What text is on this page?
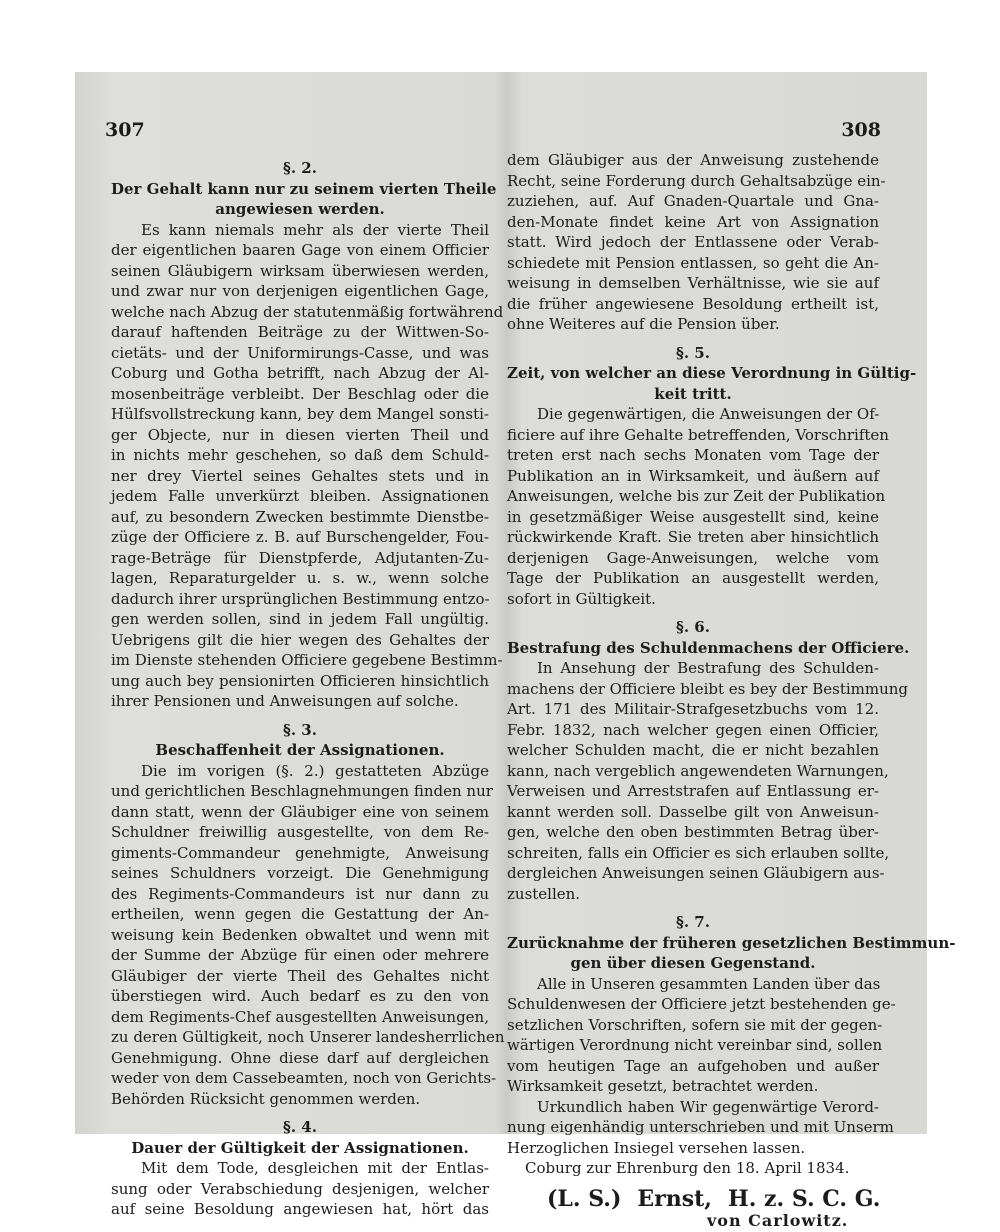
307	308
§. 2.
Der Gehalt kann nur zu seinem vierten Theile
angewiesen werden.
Es kann niemals mehr als der vierte Theil
der eigentlichen baaren Gage von einem Officier
seinen Gläubigern wirksam überwiesen werden,
und zwar nur von derjenigen eigentlichen Gage,
welche nach Abzug der statutenmäßig fortwährend
darauf haftenden Beiträge zu der Wittwen-So-
cietäts- und der Uniformirungs-Casse, und was
Coburg und Gotha betrifft, nach Abzug der Al-
mosenbeiträge verbleibt. Der Beschlag oder die
Hülfsvollstreckung kann, bey dem Mangel sonsti-
ger Objecte, nur in diesen vierten Theil und
in nichts mehr geschehen, so daß dem Schuld-
ner drey Viertel seines Gehaltes stets und in
jedem Falle unverkürzt bleiben. Assignationen
auf, zu besondern Zwecken bestimmte Dienstbe-
züge der Officiere z. B. auf Burschengelder, Fou-
rage-Beträge für Dienstpferde, Adjutanten-Zu-
lagen, Reparaturgelder u. s. w., wenn solche
dadurch ihrer ursprünglichen Bestimmung entzo-
gen werden sollen, sind in jedem Fall ungültig.
Uebrigens gilt die hier wegen des Gehaltes der
im Dienste stehenden Officiere gegebene Bestimm-
ung auch bey pensionirten Officieren hinsichtlich
ihrer Pensionen und Anweisungen auf solche.
§. 3.
Beschaffenheit der Assignationen.
Die im vorigen (§. 2.) gestatteten Abzüge
und gerichtlichen Beschlagnehmungen finden nur
dann statt, wenn der Gläubiger eine von seinem
Schuldner freiwillig ausgestellte, von dem Re-
giments-Commandeur genehmigte, Anweisung
seines Schuldners vorzeigt. Die Genehmigung
des Regiments-Commandeurs ist nur dann zu
ertheilen, wenn gegen die Gestattung der An-
weisung kein Bedenken obwaltet und wenn mit
der Summe der Abzüge für einen oder mehrere
Gläubiger der vierte Theil des Gehaltes nicht
überstiegen wird. Auch bedarf es zu den von
dem Regiments-Chef ausgestellten Anweisungen,
zu deren Gültigkeit, noch Unserer landesherrlichen
Genehmigung. Ohne diese darf auf dergleichen
weder von dem Cassebeamten, noch von Gerichts-
Behörden Rücksicht genommen werden.
§. 4.
Dauer der Gültigkeit der Assignationen.
Mit dem Tode, desgleichen mit der Entlas-
sung oder Verabschiedung desjenigen, welcher
auf seine Besoldung angewiesen hat, hört das
dem Gläubiger aus der Anweisung zustehende
Recht, seine Forderung durch Gehaltsabzüge ein-
zuziehen, auf. Auf Gnaden-Quartale und Gna-
den-Monate findet keine Art von Assignation
statt. Wird jedoch der Entlassene oder Verab-
schiedete mit Pension entlassen, so geht die An-
weisung in demselben Verhältnisse, wie sie auf
die früher angewiesene Besoldung ertheilt ist,
ohne Weiteres auf die Pension über.
§. 5.
Zeit, von welcher an diese Verordnung in Gültig-
keit tritt.
Die gegenwärtigen, die Anweisungen der Of-
ficiere auf ihre Gehalte betreffenden, Vorschriften
treten erst nach sechs Monaten vom Tage der
Publikation an in Wirksamkeit, und äußern auf
Anweisungen, welche bis zur Zeit der Publikation
in gesetzmäßiger Weise ausgestellt sind, keine
rückwirkende Kraft. Sie treten aber hinsichtlich
derjenigen Gage-Anweisungen, welche vom
Tage der Publikation an ausgestellt werden,
sofort in Gültigkeit.
§. 6.
Bestrafung des Schuldenmachens der Officiere.
In Ansehung der Bestrafung des Schulden-
machens der Officiere bleibt es bey der Bestimmung
Art. 171 des Militair-Strafgesetzbuchs vom 12.
Febr. 1832, nach welcher gegen einen Officier,
welcher Schulden macht, die er nicht bezahlen
kann, nach vergeblich angewendeten Warnungen,
Verweisen und Arreststrafen auf Entlassung er-
kannt werden soll. Dasselbe gilt von Anweisun-
gen, welche den oben bestimmten Betrag über-
schreiten, falls ein Officier es sich erlauben sollte,
dergleichen Anweisungen seinen Gläubigern aus-
zustellen.
§. 7.
Zurücknahme der früheren gesetzlichen Bestimmun-
gen über diesen Gegenstand.
Alle in Unseren gesammten Landen über das
Schuldenwesen der Officiere jetzt bestehenden ge-
setzlichen Vorschriften, sofern sie mit der gegen-
wärtigen Verordnung nicht vereinbar sind, sollen
vom heutigen Tage an aufgehoben und außer
Wirksamkeit gesetzt, betrachtet werden.
Urkundlich haben Wir gegenwärtige Verord-
nung eigenhändig unterschrieben und mit Unserm
Herzoglichen Insiegel versehen lassen.
Coburg zur Ehrenburg den 18. April 1834.
(L. S.) Ernst, H. z. S. C. G.
von Carlowitz.
